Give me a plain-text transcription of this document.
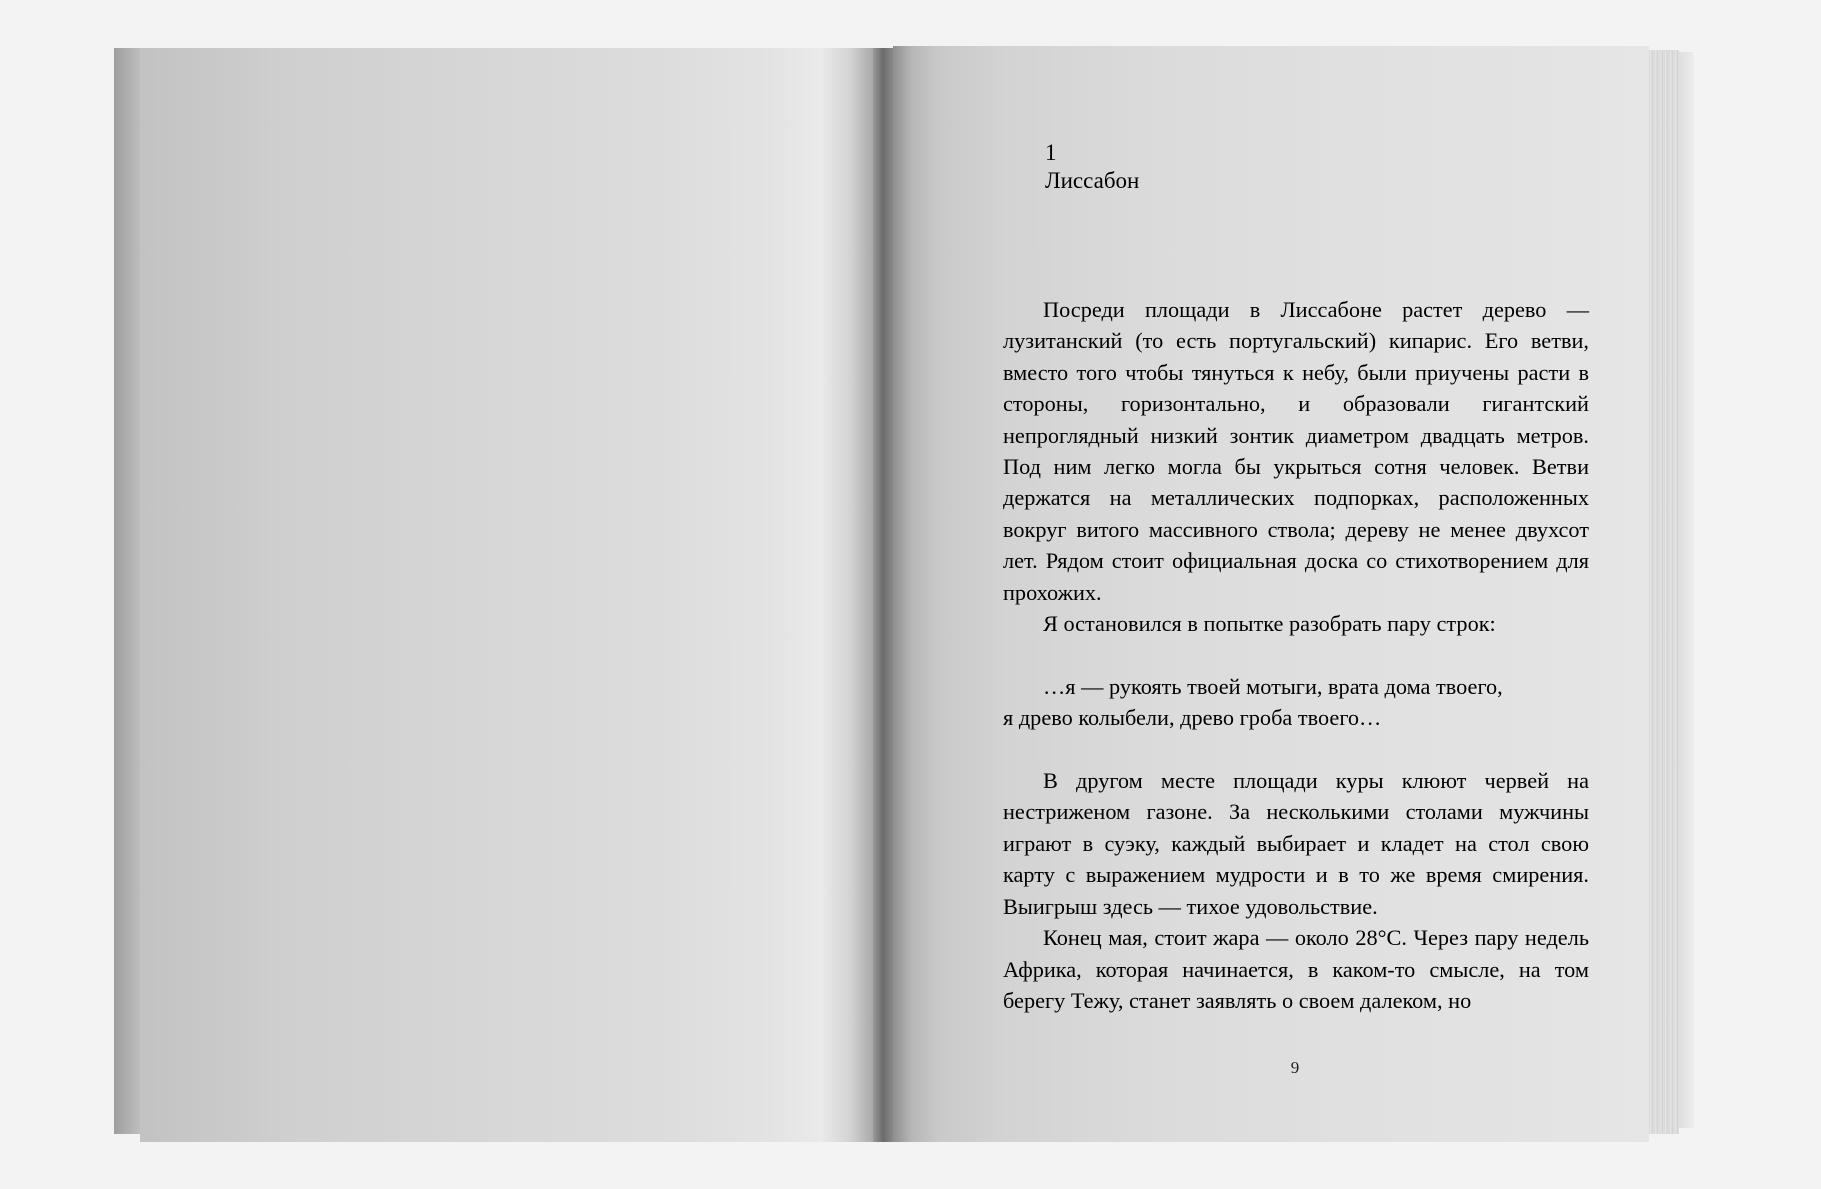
1
Лиссабон

Посреди площади в Лиссабоне растет дерево — лузитанский (то есть португальский) кипарис. Его ветви, вместо того чтобы тянуться к небу, были приучены расти в стороны, горизонтально, и образовали гигантский непроглядный низкий зонтик диаметром двадцать метров. Под ним легко могла бы укрыться сотня человек. Ветви держатся на металлических подпорках, расположенных вокруг витого массивного ствола; дереву не менее двухсот лет. Рядом стоит официальная доска со стихотворением для прохожих.

Я остановился в попытке разобрать пару строк:

…я — рукоять твоей мотыги, врата дома твоего,
я древо колыбели, древо гроба твоего…

В другом месте площади куры клюют червей на нестриженом газоне. За несколькими столами мужчины играют в суэку, каждый выбирает и кладет на стол свою карту с выражением мудрости и в то же время смирения. Выигрыш здесь — тихое удовольствие.

Конец мая, стоит жара — около 28°С. Через пару недель Африка, которая начинается, в каком-то смысле, на том берегу Тежу, станет заявлять о своем далеком, но

9
